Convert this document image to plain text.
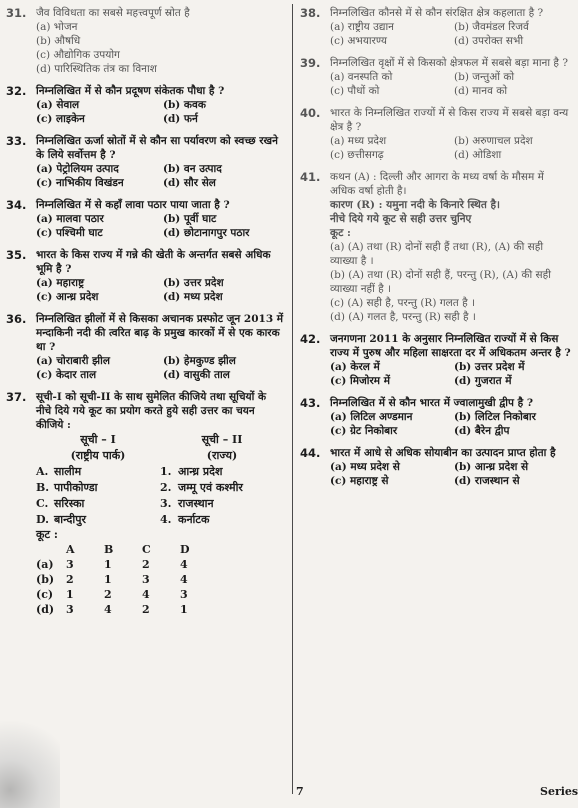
31. जैव विविधता का सबसे महत्त्वपूर्ण स्रोत है
(a) भोजन
(b) औषधि
(c) औद्योगिक उपयोग
(d) पारिस्थितिक तंत्र का विनाश
32. निम्नलिखित में से कौन प्रदूषण संकेतक पौधा है ?
(a) सेवाल	(b) कवक
(c) लाइकेन	(d) फर्न
33. निम्नलिखित ऊर्जा स्रोतों में से कौन सा पर्यावरण को स्वच्छ रखने के लिये सर्वोत्तम है ?
(a) पेट्रोलियम उत्पाद	(b) वन उत्पाद
(c) नाभिकीय विखंडन	(d) सौर सेल
34. निम्नलिखित में से कहाँ लावा पठार पाया जाता है ?
(a) मालवा पठार	(b) पूर्वी घाट
(c) पश्चिमी घाट	(d) छोटानागपुर पठार
35. भारत के किस राज्य में गन्ने की खेती के अन्तर्गत सबसे अधिक भूमि है ?
(a) महाराष्ट्र	(b) उत्तर प्रदेश
(c) आन्ध्र प्रदेश	(d) मध्य प्रदेश
36. निम्नलिखित झीलों में से किसका अचानक प्रस्फोट जून 2013 में मन्दाकिनी नदी की त्वरित बाढ़ के प्रमुख कारकों में से एक कारक था ?
(a) चोराबारी झील	(b) हेमकुण्ड झील
(c) केदार ताल	(d) वासुकी ताल
37. सूची-I को सूची-II के साथ सुमेलित कीजिये तथा सूचियों के नीचे दिये गये कूट का प्रयोग करते हुये सही उत्तर का चयन कीजिये :
सूची – I	सूची – II
(राष्ट्रीय पार्क)	(राज्य)
A. सालीम	1. आन्ध्र प्रदेश
B. पापीकोण्डा	2. जम्मू एवं कश्मीर
C. सरिस्का	3. राजस्थान
D. बान्दीपुर	4. कर्नाटक
कूट :
A	B	C	D
(a)	3	1	2	4
(b)	2	1	3	4
(c)	1	2	4	3
(d)	3	4	2	1
38. निम्नलिखित कौनसे में से कौन संरक्षित क्षेत्र कहलाता है ?
(a) राष्ट्रीय उद्यान	(b) जैवमंडल रिजर्व
(c) अभयारण्य	(d) उपरोक्त सभी
39. निम्नलिखित वृक्षों में से किसको क्षेत्रफल में सबसे बड़ा माना है ?
(a) वनस्पति को	(b) जन्तुओं को
(c) पौधों को	(d) मानव को
40. भारत के निम्नलिखित राज्यों में से किस राज्य में सबसे बड़ा वन्य क्षेत्र है ?
(a) मध्य प्रदेश	(b) अरुणाचल प्रदेश
(c) छत्तीसगढ़	(d) ओडिशा
41. कथन (A) : दिल्ली और आगरा के मध्य वर्षा के मौसम में अधिक वर्षा होती है।
कारण (R) : यमुना नदी के किनारे स्थित है।
नीचे दिये गये कूट से सही उत्तर चुनिए
कूट :
(a) (A) तथा (R) दोनों सही हैं तथा (R), (A) की सही व्याख्या है ।
(b) (A) तथा (R) दोनों सही हैं, परन्तु (R), (A) की सही व्याख्या नहीं है ।
(c) (A) सही है, परन्तु (R) गलत है ।
(d) (A) गलत है, परन्तु (R) सही है ।
42. जनगणना 2011 के अनुसार निम्नलिखित राज्यों में से किस राज्य में पुरुष और महिला साक्षरता दर में अधिकतम अन्तर है ?
(a) केरल में	(b) उत्तर प्रदेश में
(c) मिजोरम में	(d) गुजरात में
43. निम्नलिखित में से कौन भारत में ज्वालामुखी द्वीप है ?
(a) लिटिल अण्डमान	(b) लिटिल निकोबार
(c) ग्रेट निकोबार	(d) बैरेन द्वीप
44. भारत में आधे से अधिक सोयाबीन का उत्पादन प्राप्त होता है
(a) मध्य प्रदेश से	(b) आन्ध्र प्रदेश से
(c) महाराष्ट्र से	(d) राजस्थान से
7	Series
